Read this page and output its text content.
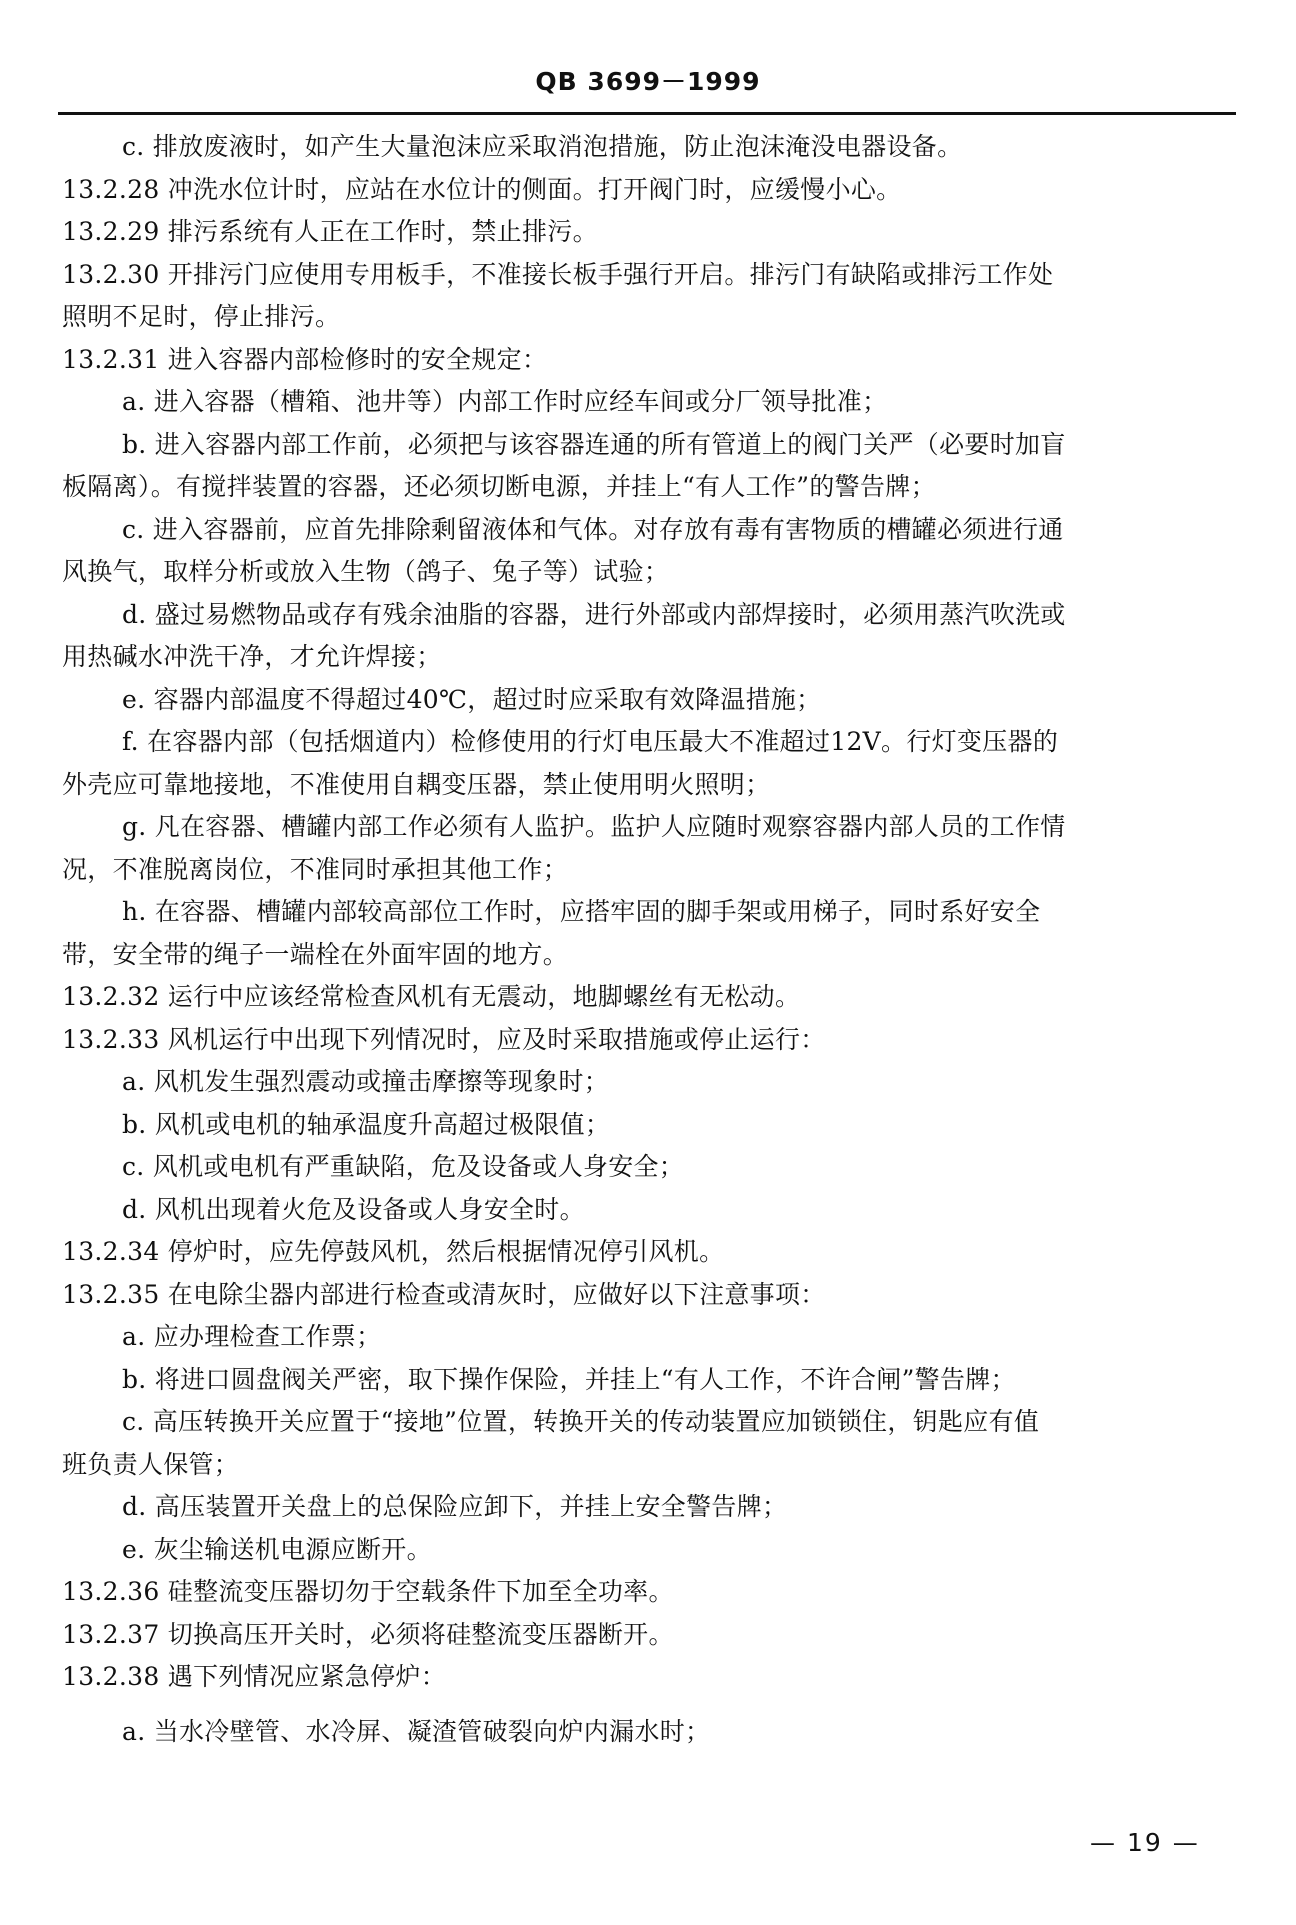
QB 3699－1999
c. 排放废液时，如产生大量泡沫应采取消泡措施，防止泡沫淹没电器设备。
13.2.28 冲洗水位计时，应站在水位计的侧面。打开阀门时，应缓慢小心。
13.2.29 排污系统有人正在工作时，禁止排污。
13.2.30 开排污门应使用专用板手，不准接长板手强行开启。排污门有缺陷或排污工作处
照明不足时，停止排污。
13.2.31 进入容器内部检修时的安全规定：
a. 进入容器（槽箱、池井等）内部工作时应经车间或分厂领导批准；
b. 进入容器内部工作前，必须把与该容器连通的所有管道上的阀门关严（必要时加盲
板隔离）。有搅拌装置的容器，还必须切断电源，并挂上“有人工作”的警告牌；
c. 进入容器前，应首先排除剩留液体和气体。对存放有毒有害物质的槽罐必须进行通
风换气，取样分析或放入生物（鸽子、兔子等）试验；
d. 盛过易燃物品或存有残余油脂的容器，进行外部或内部焊接时，必须用蒸汽吹洗或
用热碱水冲洗干净，才允许焊接；
e. 容器内部温度不得超过40℃，超过时应采取有效降温措施；
f. 在容器内部（包括烟道内）检修使用的行灯电压最大不准超过12V。行灯变压器的
外壳应可靠地接地，不准使用自耦变压器，禁止使用明火照明；
g. 凡在容器、槽罐内部工作必须有人监护。监护人应随时观察容器内部人员的工作情
况，不准脱离岗位，不准同时承担其他工作；
h. 在容器、槽罐内部较高部位工作时，应搭牢固的脚手架或用梯子，同时系好安全
带，安全带的绳子一端栓在外面牢固的地方。
13.2.32 运行中应该经常检查风机有无震动，地脚螺丝有无松动。
13.2.33 风机运行中出现下列情况时，应及时采取措施或停止运行：
a. 风机发生强烈震动或撞击摩擦等现象时；
b. 风机或电机的轴承温度升高超过极限值；
c. 风机或电机有严重缺陷，危及设备或人身安全；
d. 风机出现着火危及设备或人身安全时。
13.2.34 停炉时，应先停鼓风机，然后根据情况停引风机。
13.2.35 在电除尘器内部进行检查或清灰时，应做好以下注意事项：
a. 应办理检查工作票；
b. 将进口圆盘阀关严密，取下操作保险，并挂上“有人工作，不许合闸”警告牌；
c. 高压转换开关应置于“接地”位置，转换开关的传动装置应加锁锁住，钥匙应有值
班负责人保管；
d. 高压装置开关盘上的总保险应卸下，并挂上安全警告牌；
e. 灰尘输送机电源应断开。
13.2.36 硅整流变压器切勿于空载条件下加至全功率。
13.2.37 切换高压开关时，必须将硅整流变压器断开。
13.2.38 遇下列情况应紧急停炉：
a. 当水冷壁管、水冷屏、凝渣管破裂向炉内漏水时；
— 19 —
